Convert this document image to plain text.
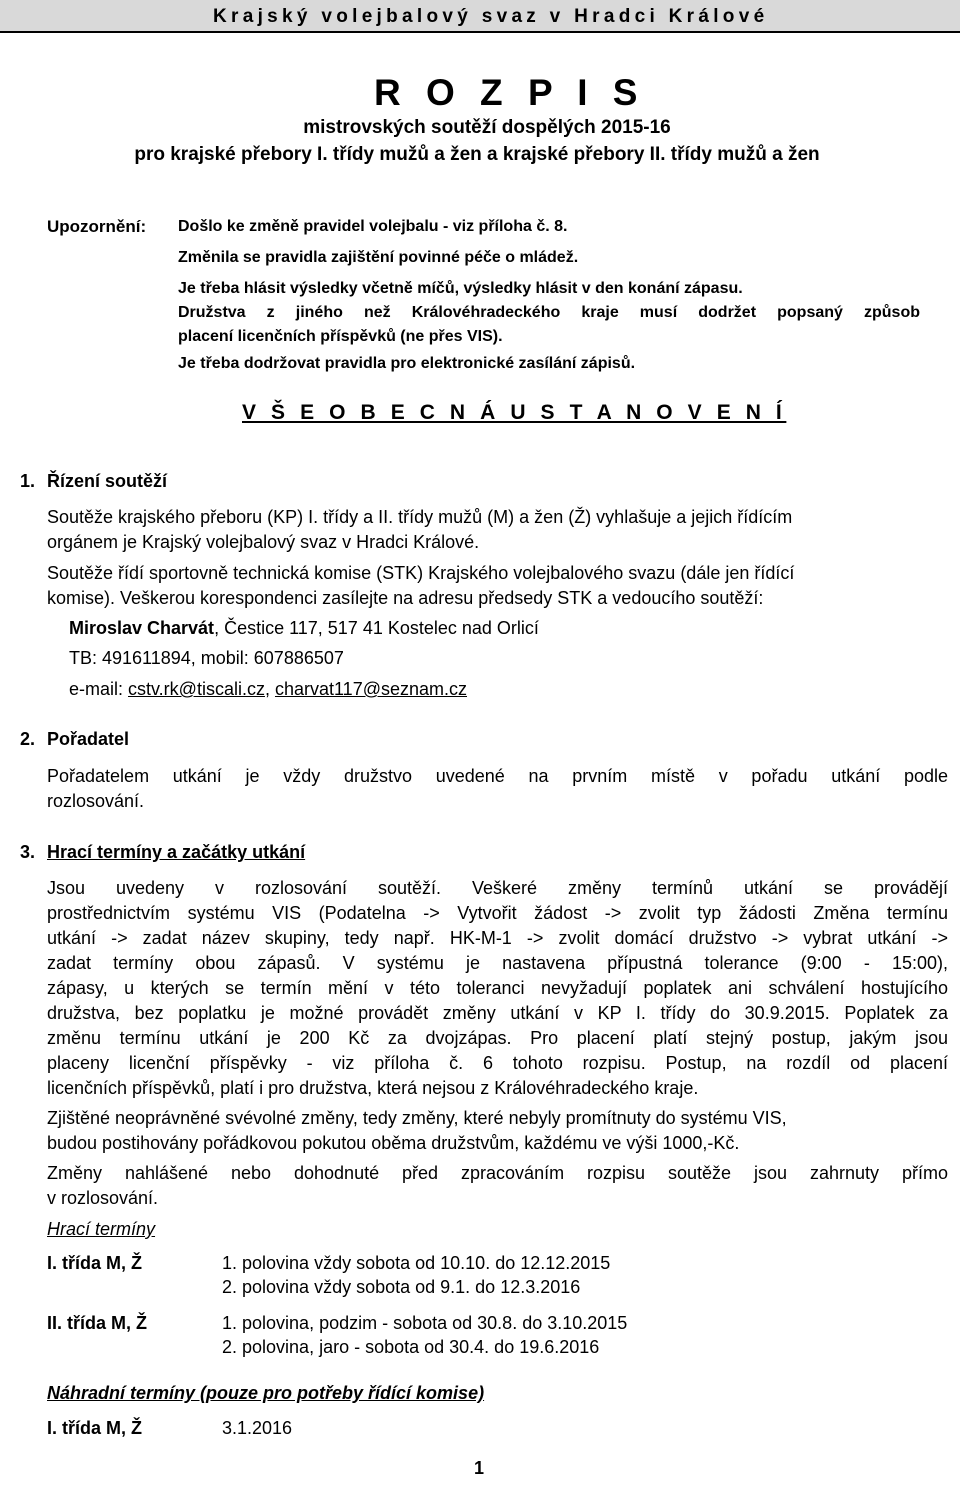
Krajský volejbalový svaz v Hradci Králové
R O Z P I S
mistrovských soutěží dospělých 2015-16
pro krajské přebory I. třídy mužů a žen a krajské přebory II. třídy mužů a žen
Upozornění: Došlo ke změně pravidel volejbalu - viz příloha č. 8.
Změnila se pravidla zajištění povinné péče o mládež.
Je třeba hlásit výsledky včetně míčů, výsledky hlásit v den konání zápasu.
Družstva z jiného než Královéhradeckého kraje musí dodržet popsaný způsob
placení licenčních příspěvků (ne přes VIS).
Je třeba dodržovat pravidla pro elektronické zasílání zápisů.
V Š E O B E C N Á U S T A N O V E N Í
1. Řízení soutěží
Soutěže krajského přeboru (KP) I. třídy a II. třídy mužů (M) a žen (Ž) vyhlašuje a jejich řídícím
orgánem je Krajský volejbalový svaz v Hradci Králové.
Soutěže řídí sportovně technická komise (STK) Krajského volejbalového svazu (dále jen řídící
komise). Veškerou korespondenci zasílejte na adresu předsedy STK a vedoucího soutěží:
Miroslav Charvát, Čestice 117, 517 41 Kostelec nad Orlicí
TB: 491611894, mobil: 607886507
e-mail: cstv.rk@tiscali.cz, charvat117@seznam.cz
2. Pořadatel
Pořadatelem utkání je vždy družstvo uvedené na prvním místě v pořadu utkání podle
rozlosování.
3. Hrací termíny a začátky utkání
Jsou uvedeny v rozlosování soutěží. Veškeré změny termínů utkání se provádějí
prostřednictvím systému VIS (Podatelna -> Vytvořit žádost -> zvolit typ žádosti Změna termínu
utkání -> zadat název skupiny, tedy např. HK-M-1 -> zvolit domácí družstvo -> vybrat utkání ->
zadat termíny obou zápasů. V systému je nastavena přípustná tolerance (9:00 - 15:00),
zápasy, u kterých se termín mění v této toleranci nevyžadují poplatek ani schválení hostujícího
družstva, bez poplatku je možné provádět změny utkání v KP I. třídy do 30.9.2015. Poplatek za
změnu termínu utkání je 200 Kč za dvojzápas. Pro placení platí stejný postup, jakým jsou
placeny licenční příspěvky - viz příloha č. 6 tohoto rozpisu. Postup, na rozdíl od placení
licenčních příspěvků, platí i pro družstva, která nejsou z Královéhradeckého kraje.
Zjištěné neoprávněné svévolné změny, tedy změny, které nebyly promítnuty do systému VIS,
budou postihovány pořádkovou pokutou oběma družstvům, každému ve výši 1000,-Kč.
Změny nahlášené nebo dohodnuté před zpracováním rozpisu soutěže jsou zahrnuty přímo
v rozlosování.
Hrací termíny
I. třída M, Ž	1. polovina vždy sobota od 10.10. do 12.12.2015
2. polovina vždy sobota od 9.1. do 12.3.2016
II. třída M, Ž	1. polovina, podzim - sobota od 30.8. do 3.10.2015
2. polovina, jaro - sobota od 30.4. do 19.6.2016
Náhradní termíny (pouze pro potřeby řídící komise)
I. třída M, Ž	3.1.2016
1
